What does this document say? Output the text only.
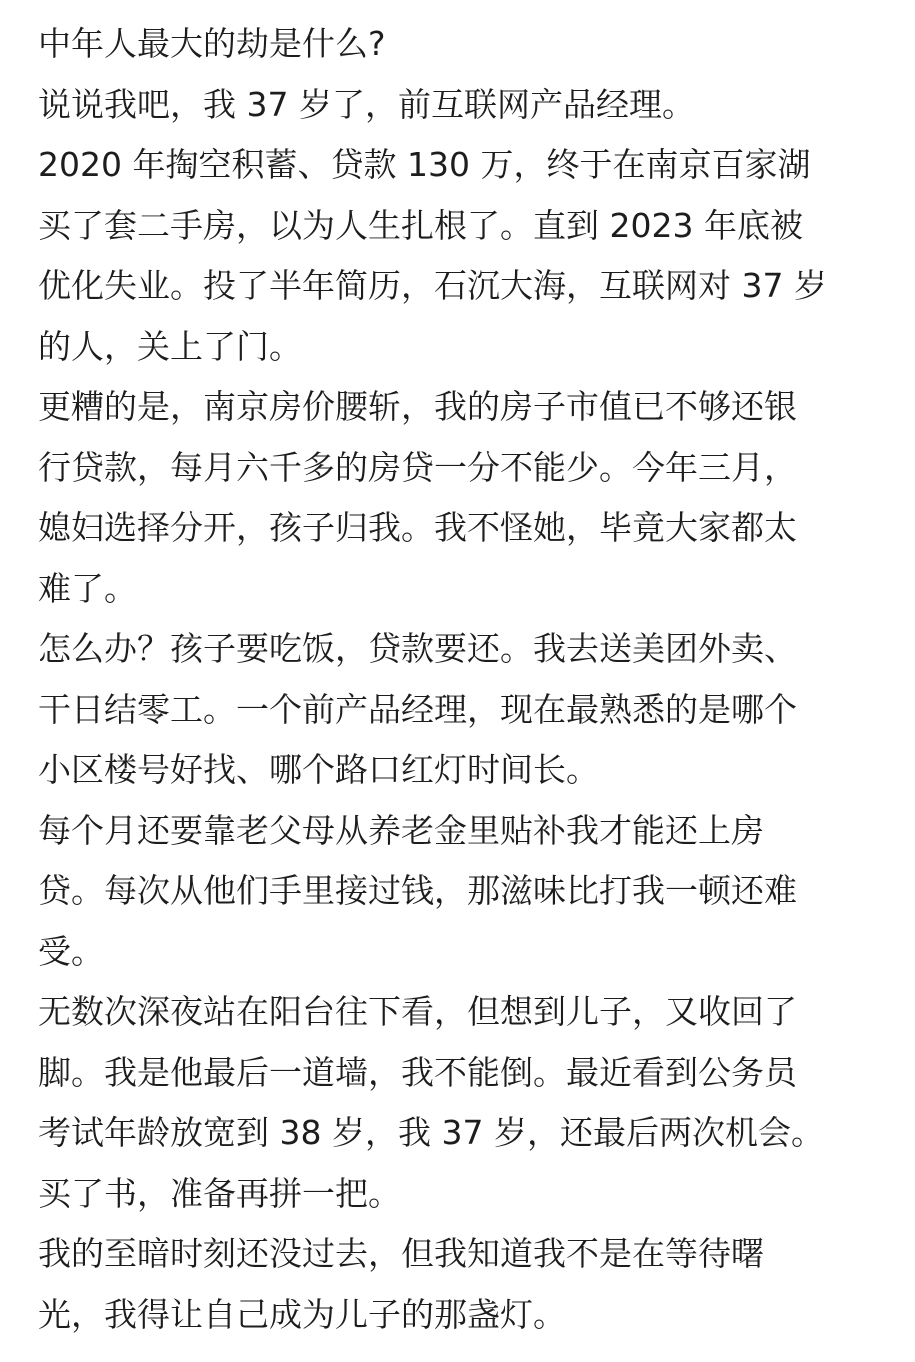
中年人最大的劫是什么?
说说我吧，我 37 岁了，前互联网产品经理。
2020 年掏空积蓄、贷款 130 万，终于在南京百家湖
买了套二手房，以为人生扎根了。直到 2023 年底被
优化失业。投了半年简历，石沉大海，互联网对 37 岁
的人，关上了门。
更糟的是，南京房价腰斩，我的房子市值已不够还银
行贷款，每月六千多的房贷一分不能少。今年三月，
媳妇选择分开，孩子归我。我不怪她，毕竟大家都太
难了。
怎么办？孩子要吃饭，贷款要还。我去送美团外卖、
干日结零工。一个前产品经理，现在最熟悉的是哪个
小区楼号好找、哪个路口红灯时间长。
每个月还要靠老父母从养老金里贴补我才能还上房
贷。每次从他们手里接过钱，那滋味比打我一顿还难
受。
无数次深夜站在阳台往下看，但想到儿子，又收回了
脚。我是他最后一道墙，我不能倒。最近看到公务员
考试年龄放宽到 38 岁，我 37 岁，还最后两次机会。
买了书，准备再拼一把。
我的至暗时刻还没过去，但我知道我不是在等待曙
光，我得让自己成为儿子的那盏灯。
